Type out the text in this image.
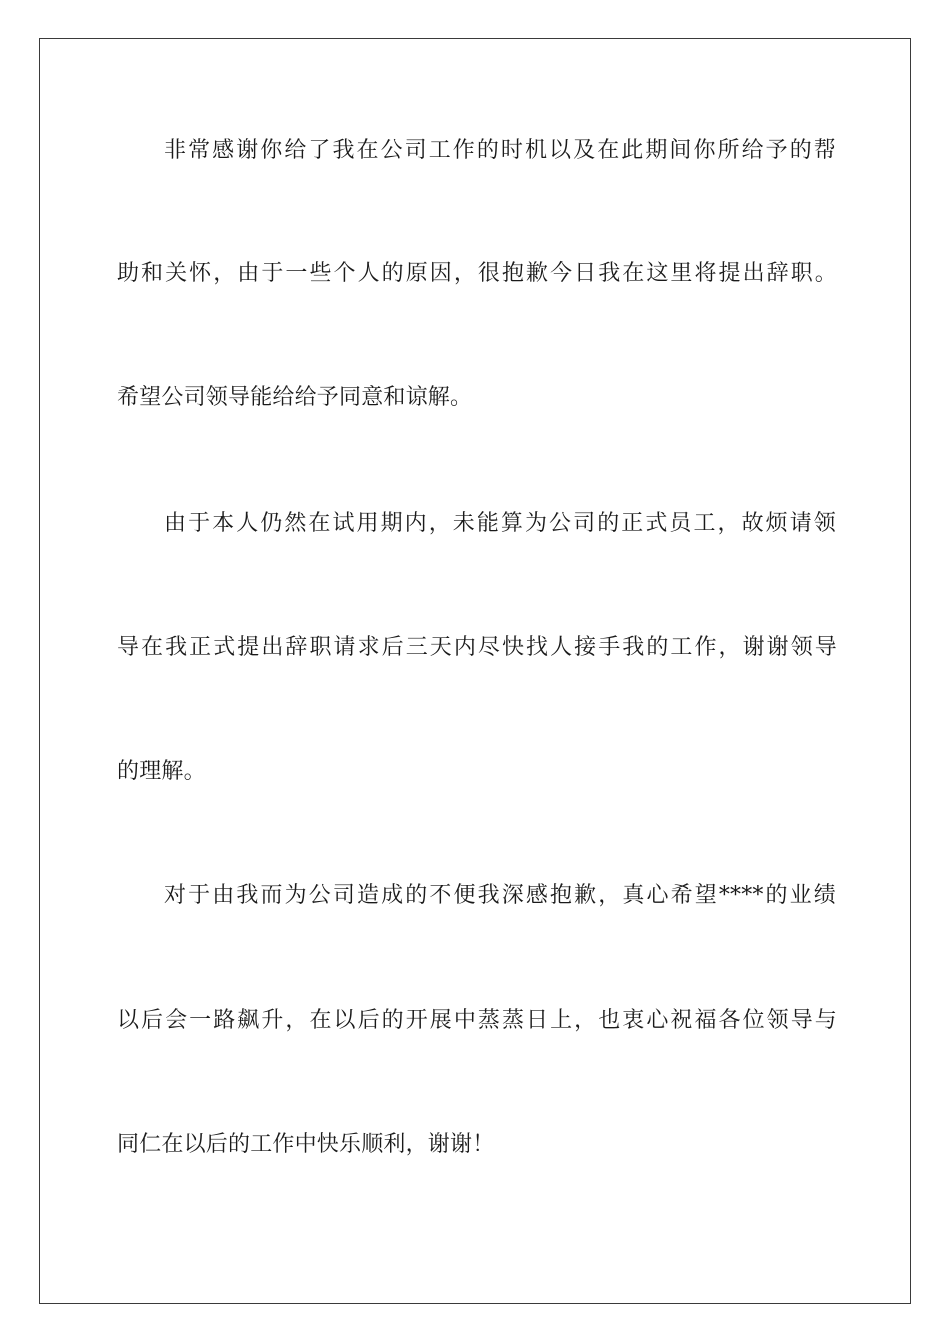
非常感谢你给了我在公司工作的时机以及在此期间你所给予的帮
助和关怀，由于一些个人的原因，很抱歉今日我在这里将提出辞职。
希望公司领导能给给予同意和谅解。
由于本人仍然在试用期内，未能算为公司的正式员工，故烦请领
导在我正式提出辞职请求后三天内尽快找人接手我的工作，谢谢领导
的理解。
对于由我而为公司造成的不便我深感抱歉，真心希望****的业绩
以后会一路飙升，在以后的开展中蒸蒸日上，也衷心祝福各位领导与
同仁在以后的工作中快乐顺利，谢谢！
